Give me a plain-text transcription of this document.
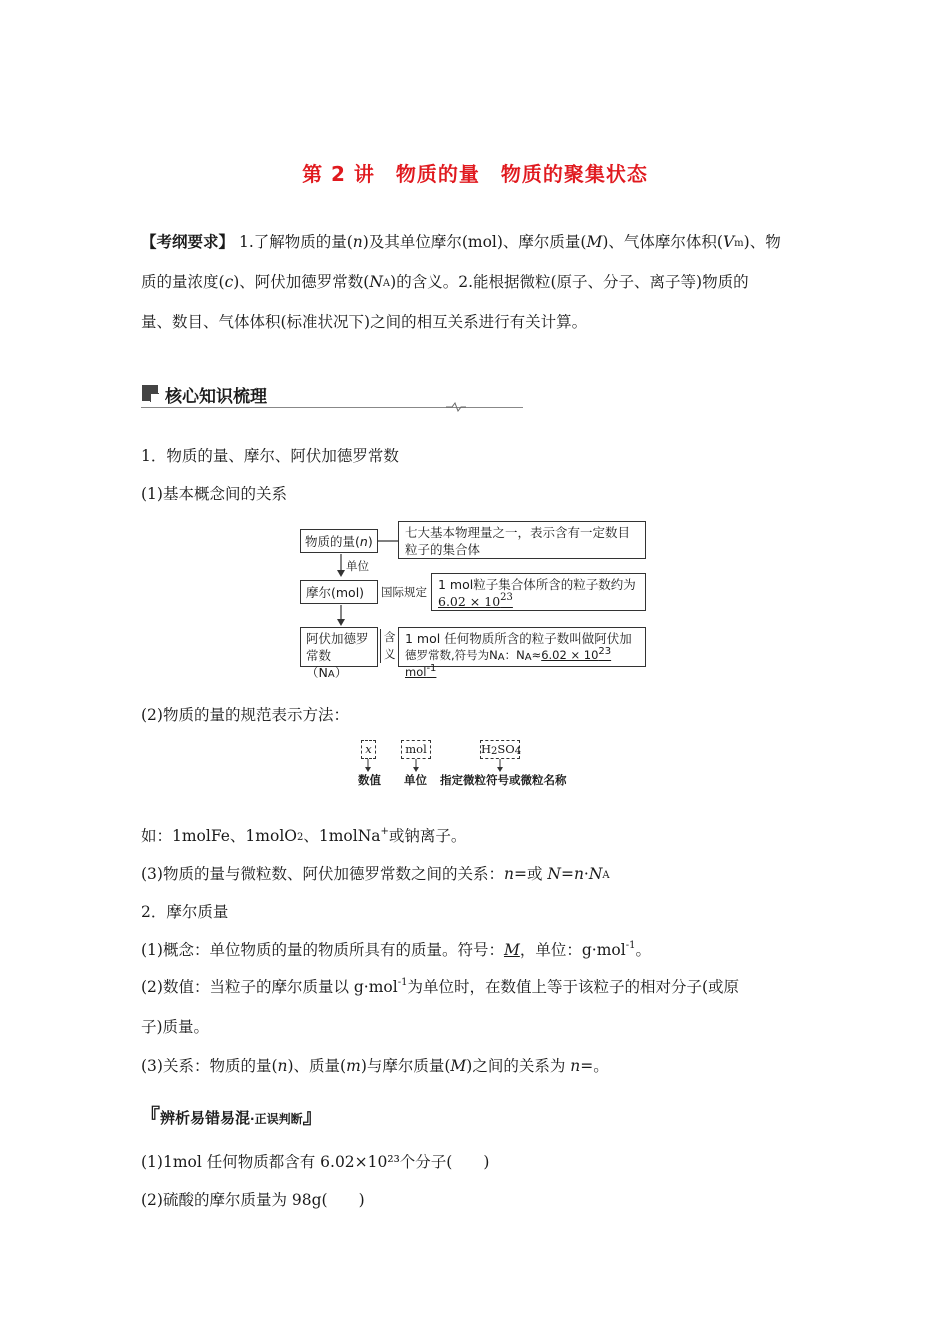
第 2 讲　物质的量　物质的聚集状态
【考纲要求】 1.了解物质的量(n)及其单位摩尔(mol)、摩尔质量(M)、气体摩尔体积$(V_m)$、物
质的量浓度(c)、阿伏加德罗常数$(N_A)$的含义。2.能根据微粒(原子、分子、离子等)物质的
量、数目、气体体积(标准状况下)之间的相互关系进行有关计算。
核心知识梳理
1．物质的量、摩尔、阿伏加德罗常数
(1)基本概念间的关系
物质的量(n)
七大基本物理量之一，表示含有一定数目
粒子的集合体
单位
摩尔(mol)	国际规定 1 mol粒子集合体所含的粒子数约为
$6.02 \times 10^{23}$
阿伏加德罗
常数$(N_A)$
含
义
1 mol 任何物质所含的粒子数叫做阿伏加
德罗常数,符号为$N_A$：$N_A\approx 6.02 \times 10^{23}$ mol$^{-1}$
(2)物质的量的规范表示方法：
x	mol	$H_2SO_4$
数值 单位 指定微粒符号或微粒名称
如：1molFe、1molO$_2$、1molNa+或钠离子。
(3)物质的量与微粒数、阿伏加德罗常数之间的关系：n=或 $N=n\cdot N_A$
2．摩尔质量
(1)概念：单位物质的量的物质所具有的质量。符号：M，单位：g·mol$^{-1}$。
(2)数值：当粒子的摩尔质量以 g·mol$^{-1}$为单位时，在数值上等于该粒子的相对分子(或原
子)质量。
(3)关系：物质的量(n)、质量(m)与摩尔质量(M)之间的关系为 n=。
『辨析易错易混·正误判断』
(1)1mol 任何物质都含有 6.02×10²³个分子(　　)
(2)硫酸的摩尔质量为 98g(　　)
